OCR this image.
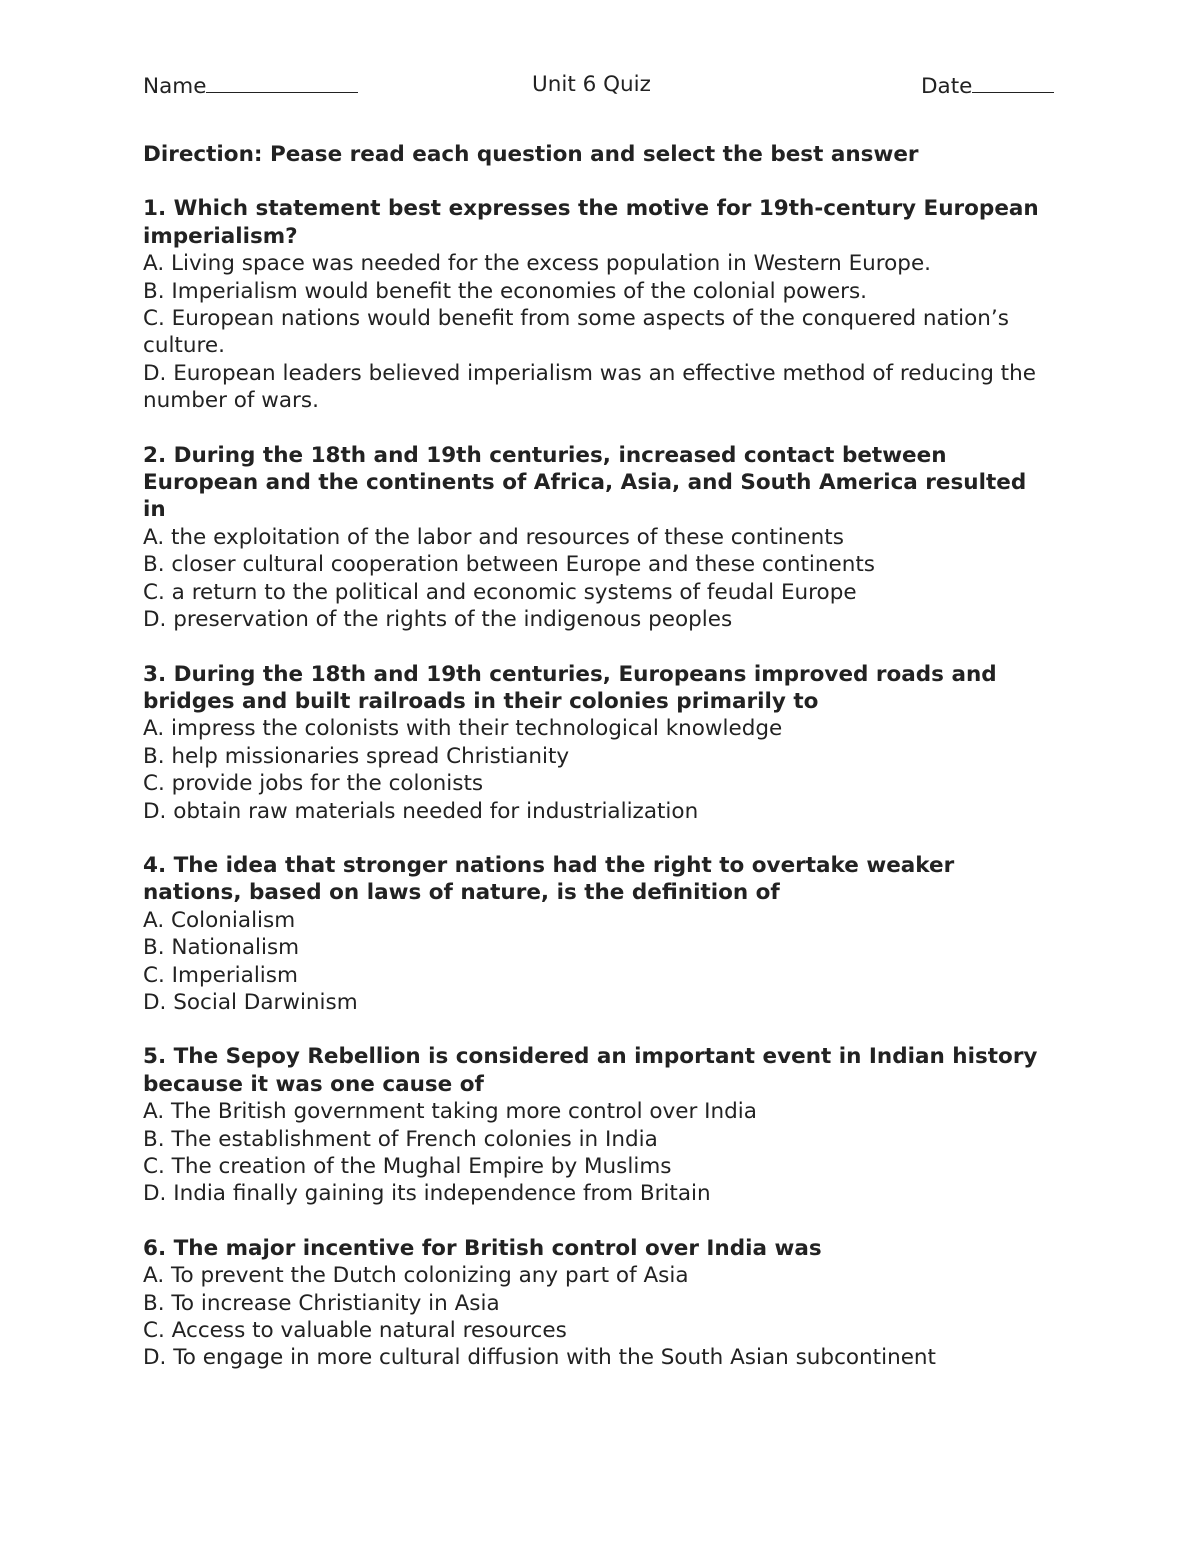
Name	Unit 6 Quiz	Date

Direction: Pease read each question and select the best answer

1. Which statement best expresses the motive for 19th-century European imperialism?

A. Living space was needed for the excess population in Western Europe.

B. Imperialism would benefit the economies of the colonial powers.

C. European nations would benefit from some aspects of the conquered nation’s culture.

D. European leaders believed imperialism was an effective method of reducing the number of wars.

2. During the 18th and 19th centuries, increased contact between European and the continents of Africa, Asia, and South America resulted in

A. the exploitation of the labor and resources of these continents

B. closer cultural cooperation between Europe and these continents

C. a return to the political and economic systems of feudal Europe

D. preservation of the rights of the indigenous peoples

3. During the 18th and 19th centuries, Europeans improved roads and bridges and built railroads in their colonies primarily to

A. impress the colonists with their technological knowledge

B. help missionaries spread Christianity

C. provide jobs for the colonists

D. obtain raw materials needed for industrialization

4. The idea that stronger nations had the right to overtake weaker nations, based on laws of nature, is the definition of

A. Colonialism

B. Nationalism

C. Imperialism

D. Social Darwinism

5. The Sepoy Rebellion is considered an important event in Indian history because it was one cause of

A. The British government taking more control over India

B. The establishment of French colonies in India

C. The creation of the Mughal Empire by Muslims

D. India finally gaining its independence from Britain

6. The major incentive for British control over India was

A. To prevent the Dutch colonizing any part of Asia

B. To increase Christianity in Asia

C. Access to valuable natural resources

D. To engage in more cultural diffusion with the South Asian subcontinent
